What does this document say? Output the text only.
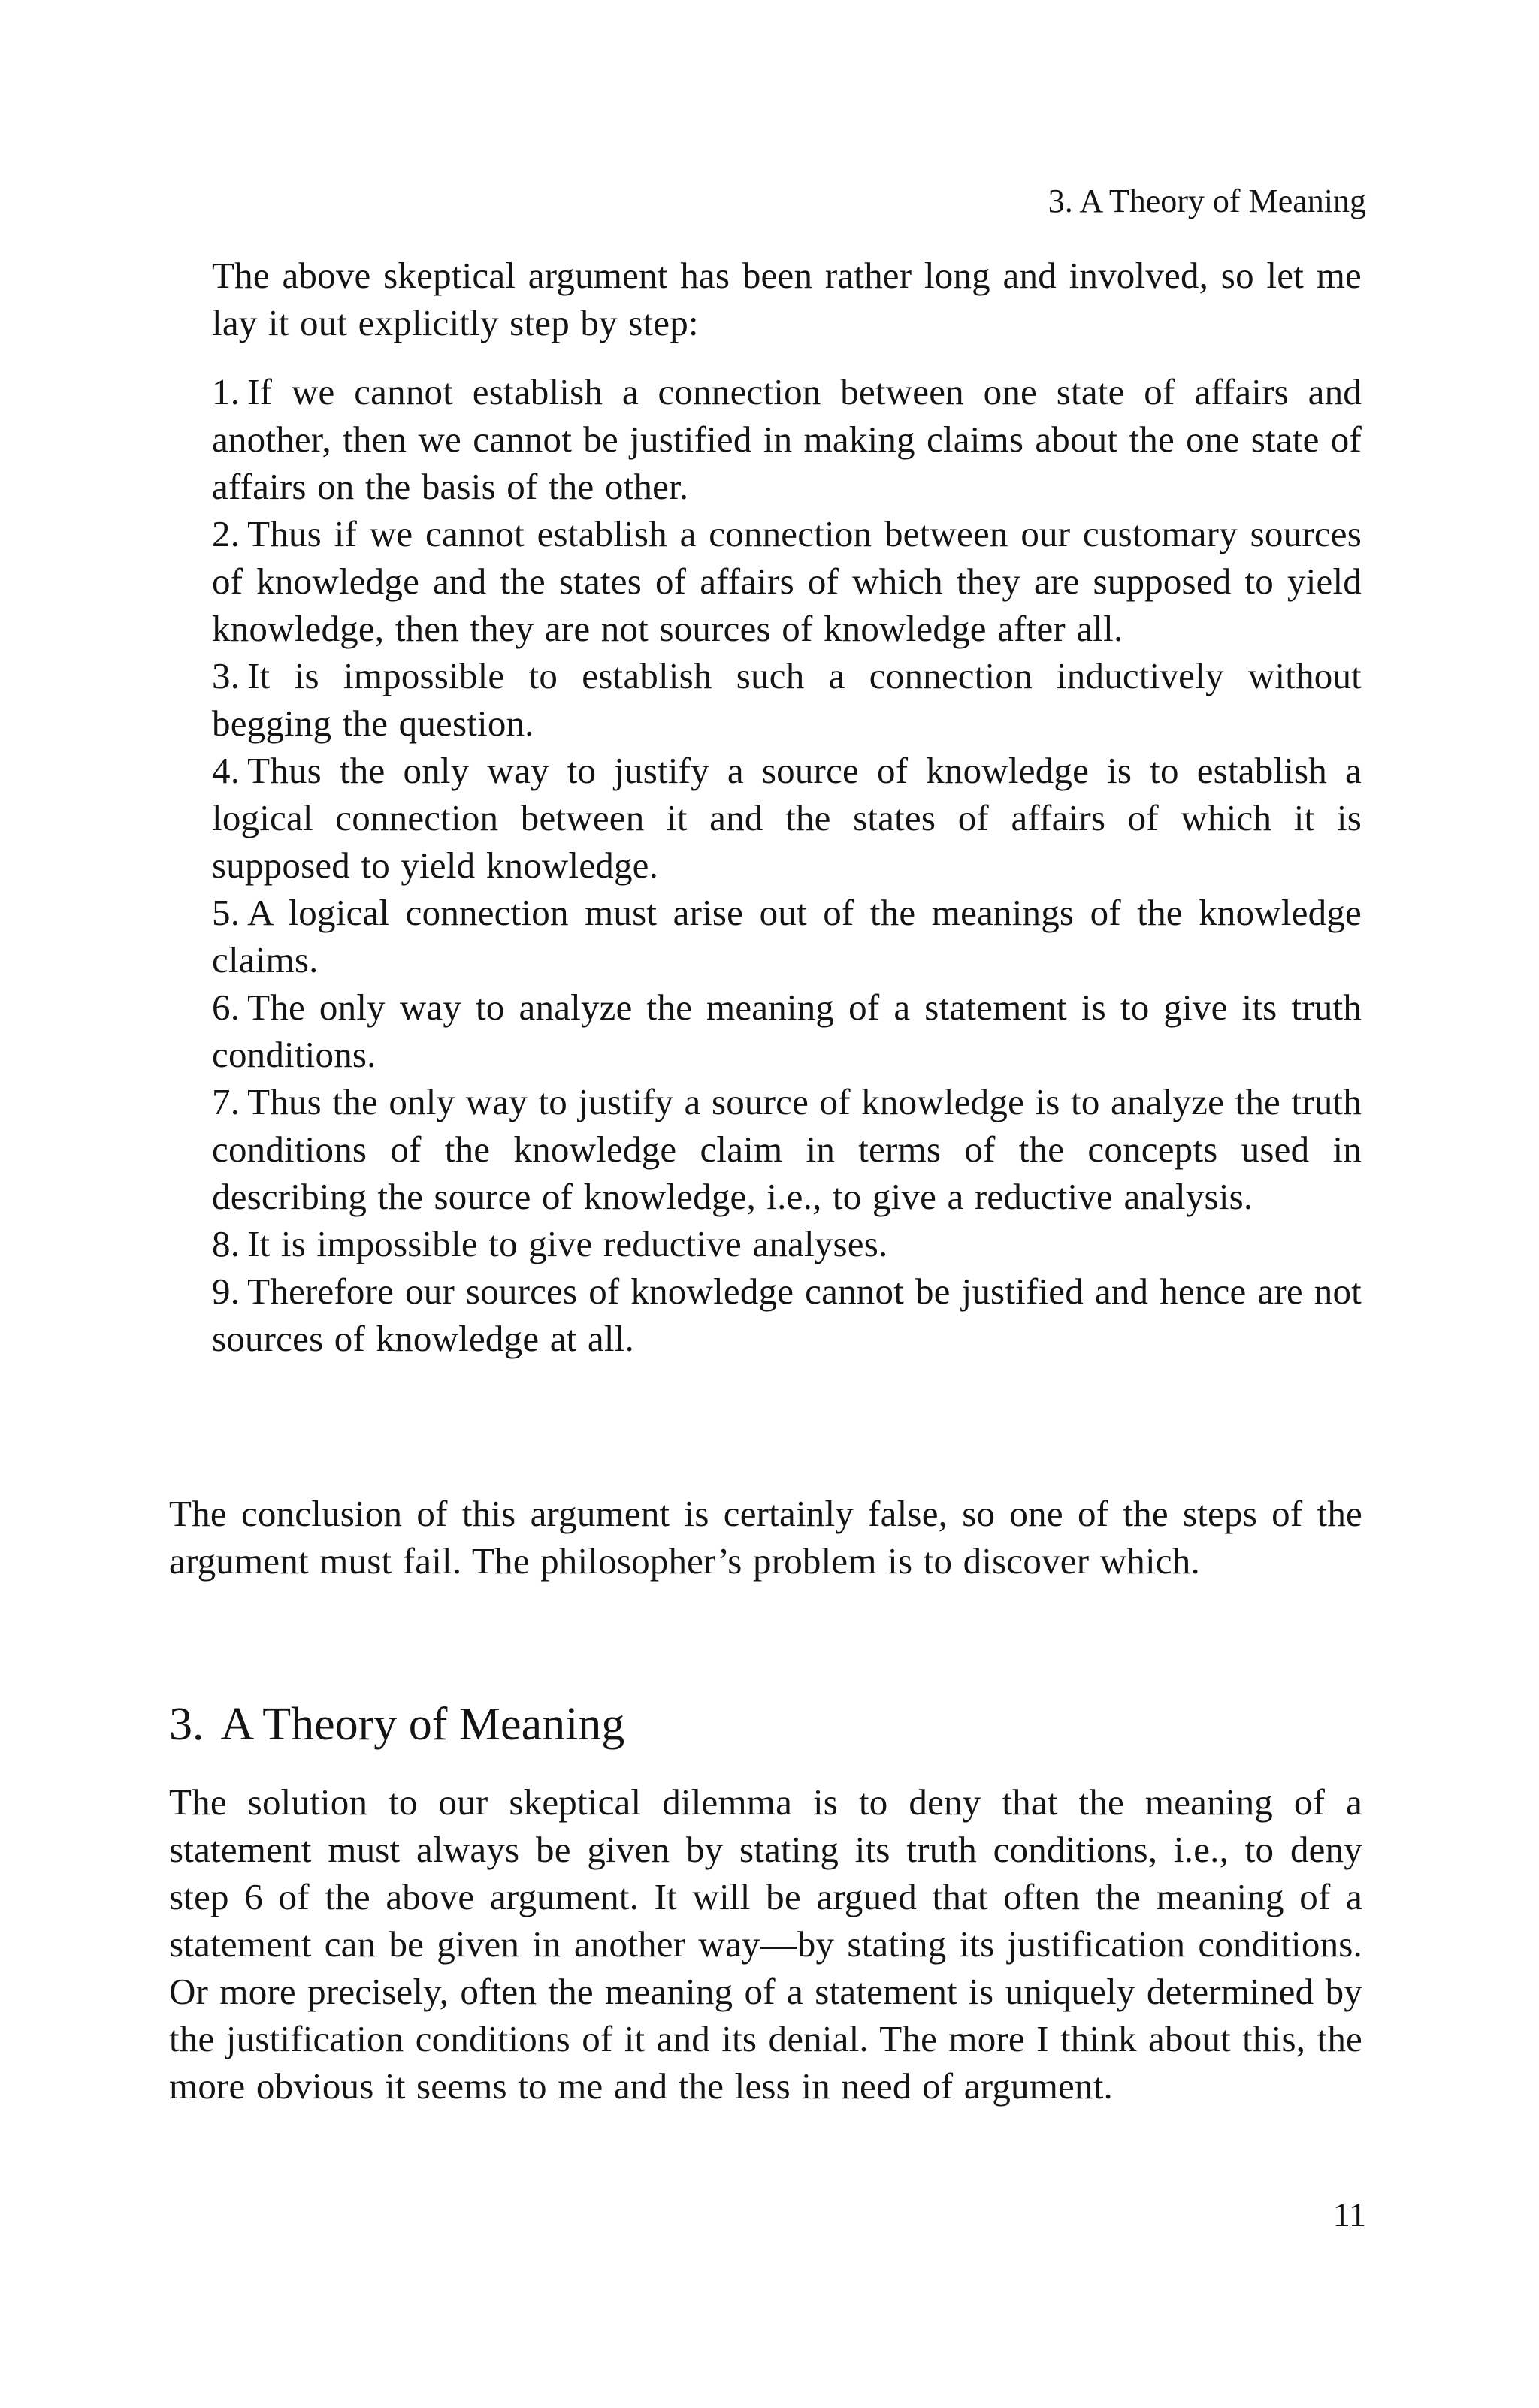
3. A Theory of Meaning

The above skeptical argument has been rather long and involved, so let me lay it out explicitly step by step:

1. If we cannot establish a connection between one state of affairs and another, then we cannot be justified in making claims about the one state of affairs on the basis of the other.
2. Thus if we cannot establish a connection between our customary sources of knowledge and the states of affairs of which they are supposed to yield knowledge, then they are not sources of knowledge after all.
3. It is impossible to establish such a connection inductively without begging the question.
4. Thus the only way to justify a source of knowledge is to establish a logical connection between it and the states of affairs of which it is supposed to yield knowledge.
5. A logical connection must arise out of the meanings of the knowledge claims.
6. The only way to analyze the meaning of a statement is to give its truth conditions.
7. Thus the only way to justify a source of knowledge is to analyze the truth conditions of the knowledge claim in terms of the concepts used in describing the source of knowledge, i.e., to give a reductive analysis.
8. It is impossible to give reductive analyses.
9. Therefore our sources of knowledge cannot be justified and hence are not sources of knowledge at all.

The conclusion of this argument is certainly false, so one of the steps of the argument must fail. The philosopher’s problem is to discover which.

3. A Theory of Meaning

The solution to our skeptical dilemma is to deny that the meaning of a statement must always be given by stating its truth conditions, i.e., to deny step 6 of the above argument. It will be argued that often the meaning of a statement can be given in another way—by stating its justification conditions. Or more precisely, often the meaning of a statement is uniquely determined by the justification conditions of it and its denial. The more I think about this, the more obvious it seems to me and the less in need of argument.

11
